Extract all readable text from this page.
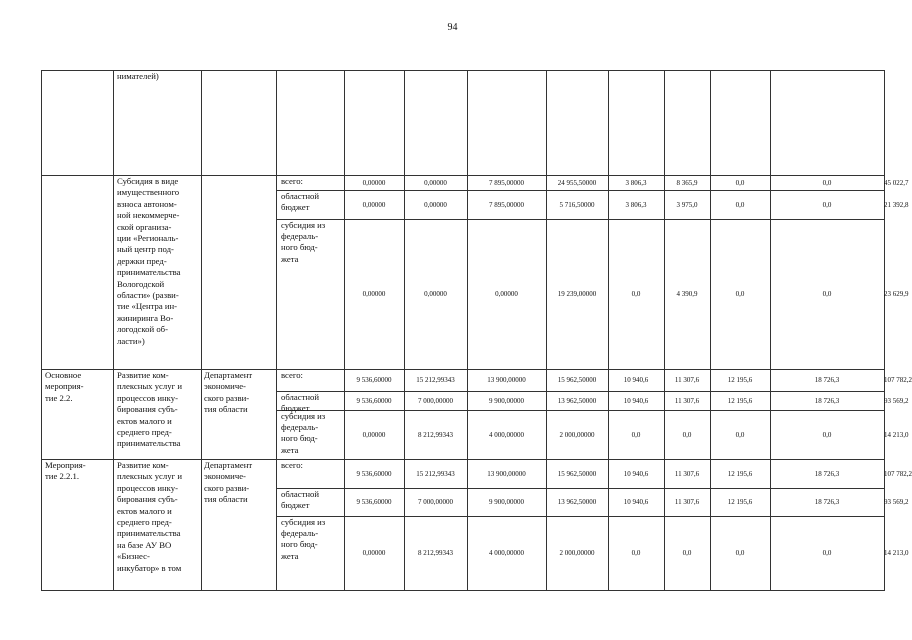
94
нимателей)
Субсидия в виде
имущественного
взноса автоном-
ной некоммерче-
ской организа-
ции «Региональ-
ный центр под-
держки пред-
принимательства
Вологодской
области» (разви-
тие «Центра ин-
жиниринга Во-
логодской об-
ласти»)
всего:	0,00000	0,00000	7 895,00000	24 955,50000	3 806,3	8 365,9	0,0	0,0	45 022,7
областной
бюджет	0,00000	0,00000	7 895,00000	5 716,50000	3 806,3	3 975,0	0,0	0,0	21 392,8
субсидия из
федераль-
ного бюд-
жета
0,00000	0,00000	0,00000	19 239,00000	0,0	4 390,9	0,0	0,0	23 629,9
Основное
мероприя-
тие 2.2.
Развитие ком-
плексных услуг и
процессов инку-
бирования субъ-
ектов малого и
среднего пред-
принимательства
Департамент
экономиче-
ского разви-
тия области
всего:	9 536,60000	15 212,99343	13 900,00000	15 962,50000	10 940,6	11 307,6	12 195,6	18 726,3	107 782,2
областной
бюджет
9 536,60000	7 000,00000	9 900,00000	13 962,50000	10 940,6	11 307,6	12 195,6	18 726,3	93 569,2
субсидия из
федераль-
ного бюд-
жета
0,00000	8 212,99343	4 000,00000	2 000,00000	0,0	0,0	0,0	0,0	14 213,0
Мероприя-
тие 2.2.1.
Развитие ком-
плексных услуг и
процессов инку-
бирования субъ-
ектов малого и
среднего пред-
принимательства
на базе АУ ВО
«Бизнес-
инкубатор» в том
Департамент
экономиче-
ского разви-
тия области
всего:
9 536,60000	15 212,99343	13 900,00000	15 962,50000	10 940,6	11 307,6	12 195,6	18 726,3	107 782,2
областной
бюджет	9 536,60000	7 000,00000	9 900,00000	13 962,50000	10 940,6	11 307,6	12 195,6	18 726,3	93 569,2
субсидия из
федераль-
ного бюд-
жета	0,00000	8 212,99343	4 000,00000	2 000,00000	0,0	0,0	0,0	0,0	14 213,0
